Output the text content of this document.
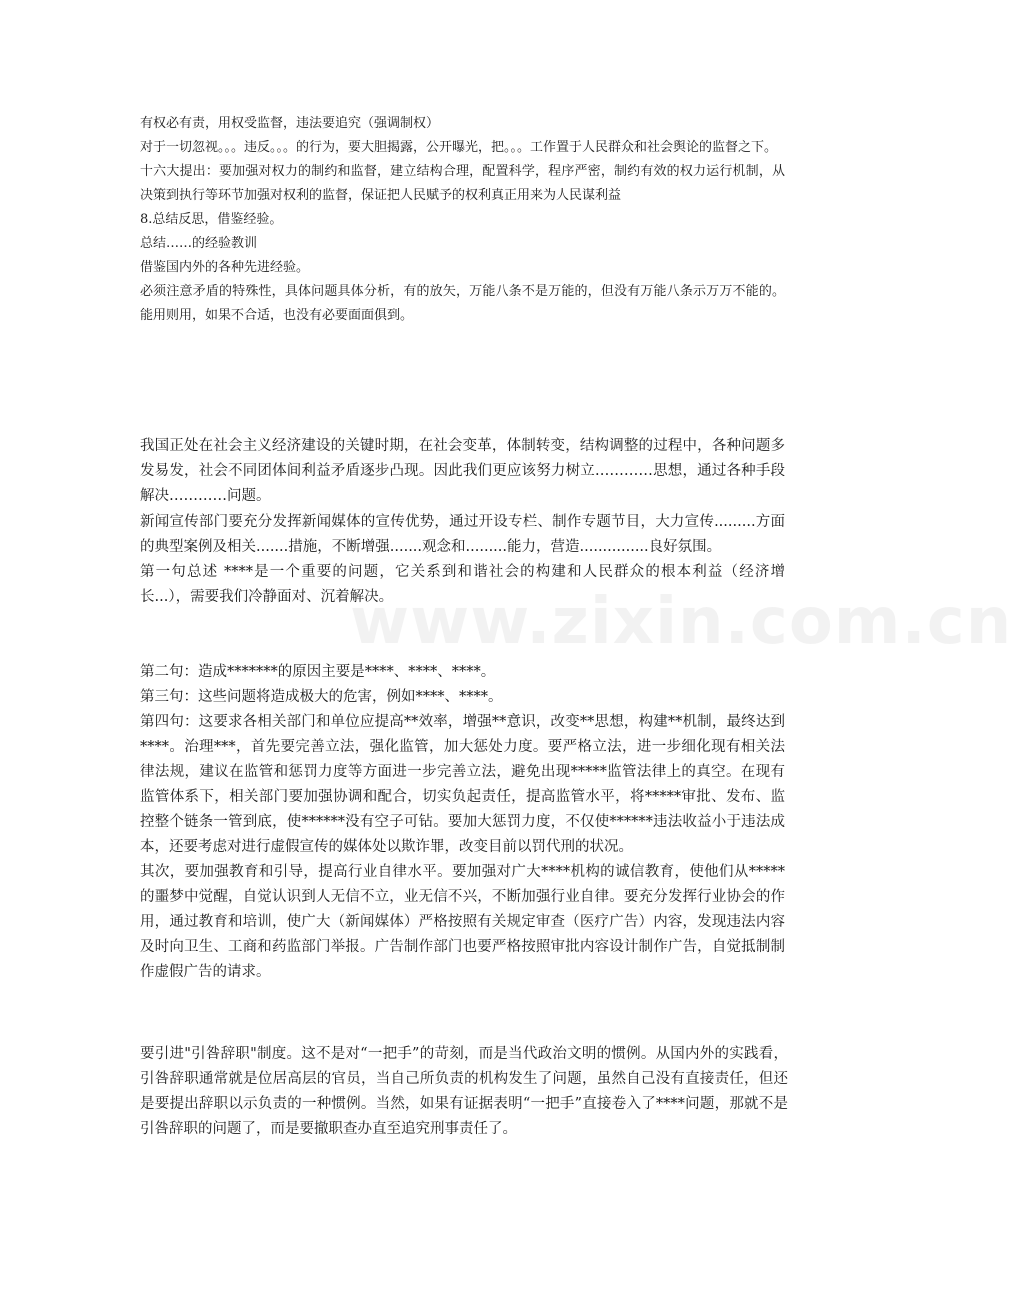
有权必有责，用权受监督，违法要追究（强调制权）

对于一切忽视。。。违反。。。的行为，要大胆揭露，公开曝光，把。。。工作置于人民群众和社会舆论的监督之下。

十六大提出：要加强对权力的制约和监督，建立结构合理，配置科学，程序严密，制约有效的权力运行机制，从决策到执行等环节加强对权利的监督，保证把人民赋予的权利真正用来为人民谋利益

8.总结反思，借鉴经验。

总结……的经验教训

借鉴国内外的各种先进经验。

必须注意矛盾的特殊性，具体问题具体分析，有的放矢，万能八条不是万能的，但没有万能八条示万万不能的。能用则用，如果不合适，也没有必要面面俱到。

我国正处在社会主义经济建设的关键时期，在社会变革，体制转变，结构调整的过程中，各种问题多发易发，社会不同团体间利益矛盾逐步凸现。因此我们更应该努力树立…………思想，通过各种手段解决…………问题。

新闻宣传部门要充分发挥新闻媒体的宣传优势，通过开设专栏、制作专题节目，大力宣传.........方面的典型案例及相关.......措施，不断增强.......观念和.........能力，营造...............良好氛围。

第一句总述 ****是一个重要的问题，它关系到和谐社会的构建和人民群众的根本利益（经济增长...），需要我们冷静面对、沉着解决。

第二句：造成*******的原因主要是****、****、****。

第三句：这些问题将造成极大的危害，例如****、****。

第四句：这要求各相关部门和单位应提高**效率，增强**意识，改变**思想，构建**机制，最终达到****。治理***，首先要完善立法，强化监管，加大惩处力度。要严格立法，进一步细化现有相关法律法规，建议在监管和惩罚力度等方面进一步完善立法，避免出现*****监管法律上的真空。在现有监管体系下，相关部门要加强协调和配合，切实负起责任，提高监管水平，将*****审批、发布、监控整个链条一管到底，使******没有空子可钻。要加大惩罚力度，不仅使******违法收益小于违法成本，还要考虑对进行虚假宣传的媒体处以欺诈罪，改变目前以罚代刑的状况。

其次，要加强教育和引导，提高行业自律水平。要加强对广大****机构的诚信教育，使他们从*****的噩梦中觉醒，自觉认识到人无信不立，业无信不兴，不断加强行业自律。要充分发挥行业协会的作用，通过教育和培训，使广大（新闻媒体）严格按照有关规定审查（医疗广告）内容，发现违法内容及时向卫生、工商和药监部门举报。广告制作部门也要严格按照审批内容设计制作广告，自觉抵制制作虚假广告的请求。

要引进"引咎辞职"制度。这不是对“一把手”的苛刻，而是当代政治文明的惯例。从国内外的实践看，引咎辞职通常就是位居高层的官员，当自己所负责的机构发生了问题，虽然自己没有直接责任，但还是要提出辞职以示负责的一种惯例。当然，如果有证据表明“一把手”直接卷入了****问题，那就不是引咎辞职的问题了，而是要撤职查办直至追究刑事责任了。

www.zixin.com.cn
